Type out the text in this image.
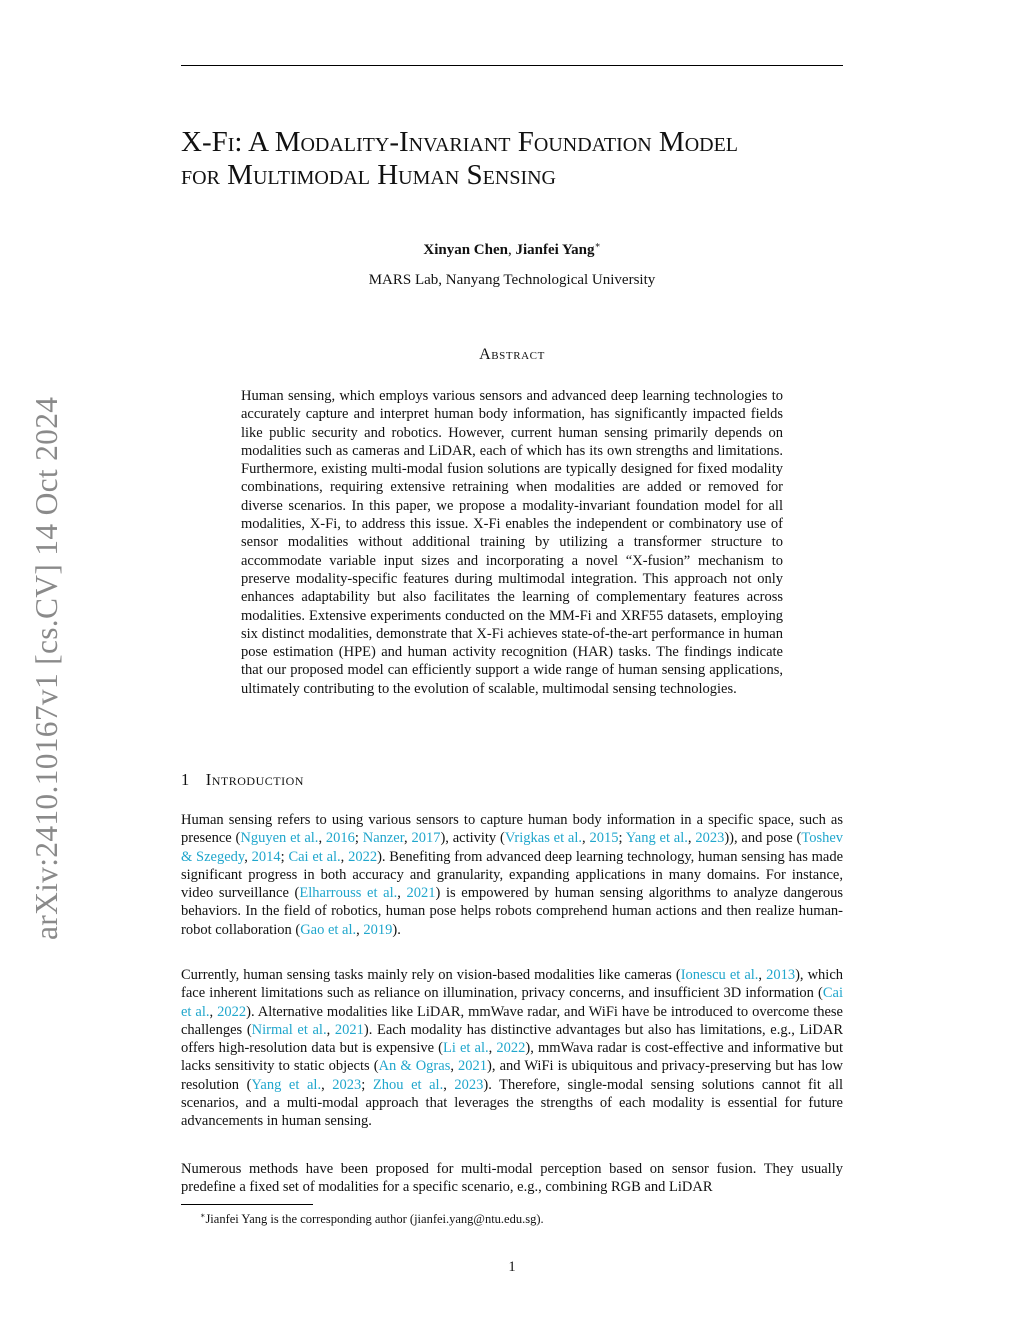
arXiv:2410.10167v1 [cs.CV] 14 Oct 2024
X-Fi: A Modality-Invariant Foundation Model
for Multimodal Human Sensing
Xinyan Chen, Jianfei Yang∗
MARS Lab, Nanyang Technological University
Abstract

Human sensing, which employs various sensors and advanced deep learning technologies to accurately capture and interpret human body information, has significantly impacted fields like public security and robotics. However, current human sensing primarily depends on modalities such as cameras and LiDAR, each of which has its own strengths and limitations. Furthermore, existing multi-modal fusion solutions are typically designed for fixed modality combinations, requiring extensive retraining when modalities are added or removed for diverse scenarios. In this paper, we propose a modality-invariant foundation model for all modalities, X-Fi, to address this issue. X-Fi enables the independent or combinatory use of sensor modalities without additional training by utilizing a transformer structure to accommodate variable input sizes and incorporating a novel “X-fusion” mechanism to preserve modality-specific features during multimodal integration. This approach not only enhances adaptability but also facilitates the learning of complementary features across modalities. Extensive experiments conducted on the MM-Fi and XRF55 datasets, employing six distinct modalities, demonstrate that X-Fi achieves state-of-the-art performance in human pose estimation (HPE) and human activity recognition (HAR) tasks. The findings indicate that our proposed model can efficiently support a wide range of human sensing applications, ultimately contributing to the evolution of scalable, multimodal sensing technologies.

1 Introduction

Human sensing refers to using various sensors to capture human body information in a specific space, such as presence (Nguyen et al., 2016; Nanzer, 2017), activity (Vrigkas et al., 2015; Yang et al., 2023)), and pose (Toshev & Szegedy, 2014; Cai et al., 2022). Benefiting from advanced deep learning technology, human sensing has made significant progress in both accuracy and granularity, expanding applications in many domains. For instance, video surveillance (Elharrouss et al., 2021) is empowered by human sensing algorithms to analyze dangerous behaviors. In the field of robotics, human pose helps robots comprehend human actions and then realize human-robot collaboration (Gao et al., 2019).

Currently, human sensing tasks mainly rely on vision-based modalities like cameras (Ionescu et al., 2013), which face inherent limitations such as reliance on illumination, privacy concerns, and insufficient 3D information (Cai et al., 2022). Alternative modalities like LiDAR, mmWave radar, and WiFi have be introduced to overcome these challenges (Nirmal et al., 2021). Each modality has distinctive advantages but also has limitations, e.g., LiDAR offers high-resolution data but is expensive (Li et al., 2022), mmWava radar is cost-effective and informative but lacks sensitivity to static objects (An & Ogras, 2021), and WiFi is ubiquitous and privacy-preserving but has low resolution (Yang et al., 2023; Zhou et al., 2023). Therefore, single-modal sensing solutions cannot fit all scenarios, and a multi-modal approach that leverages the strengths of each modality is essential for future advancements in human sensing.

Numerous methods have been proposed for multi-modal perception based on sensor fusion. They usually predefine a fixed set of modalities for a specific scenario, e.g., combining RGB and LiDAR

∗Jianfei Yang is the corresponding author (jianfei.yang@ntu.edu.sg).
1
